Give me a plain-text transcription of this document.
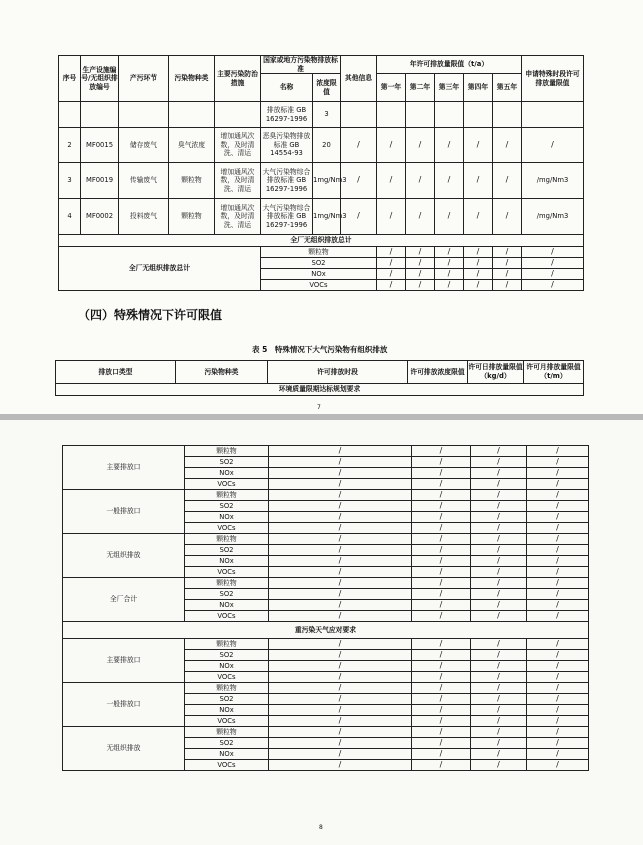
序号	生产设施编号/无组织排放编号	产污环节	污染物种类	主要污染防治措施	国家或地方污染物排放标准		其他信息	年许可排放量限值（t/a）					申请特殊时段许可排放量限值
					名称	浓度限值		第一年	第二年	第三年	第四年	第五年	

					排放标准 GB 16297-1996	3							
2	MF0015	储存废气	臭气浓度	增加通风次数，及时清洗、清运	恶臭污染物排放标准 GB 14554-93	20	/	/	/	/	/	/	/
3	MF0019	传输废气	颗粒物	增加通风次数，及时清洗、清运	大气污染物综合排放标准 GB 16297-1996	1mg/Nm3	/	/	/	/	/	/	/mg/Nm3
4	MF0002	投料废气	颗粒物	增加通风次数，及时清洗、清运	大气污染物综合排放标准 GB 16297-1996	1mg/Nm3	/	/	/	/	/	/	/mg/Nm3
全厂无组织排放总计													
全厂无组织排放总计					颗粒物			/	/	/	/	/	/
					SO2			/	/	/	/	/	/
					NOx			/	/	/	/	/	/
					VOCs			/	/	/	/	/	/
（四）特殊情况下许可限值
表 5　特殊情况下大气污染物有组织排放
排放口类型	污染物种类	许可排放时段	许可排放浓度限值	许可日排放量限值（kg/d）	许可月排放量限值（t/m）
环境质量限期达标规划要求
7
主要排放口	颗粒物	/	/	/	/
	SO2	/	/	/	/
	NOx	/	/	/	/
	VOCs	/	/	/	/
一般排放口	颗粒物	/	/	/	/
	SO2	/	/	/	/
	NOx	/	/	/	/
	VOCs	/	/	/	/
无组织排放	颗粒物	/	/	/	/
	SO2	/	/	/	/
	NOx	/	/	/	/
	VOCs	/	/	/	/
全厂合计	颗粒物	/	/	/	/
	SO2	/	/	/	/
	NOx	/	/	/	/
	VOCs	/	/	/	/
重污染天气应对要求					
主要排放口	颗粒物	/	/	/	/
	SO2	/	/	/	/
	NOx	/	/	/	/
	VOCs	/	/	/	/
一般排放口	颗粒物	/	/	/	/
	SO2	/	/	/	/
	NOx	/	/	/	/
	VOCs	/	/	/	/
无组织排放	颗粒物	/	/	/	/
	SO2	/	/	/	/
	NOx	/	/	/	/
	VOCs	/	/	/	/
8
